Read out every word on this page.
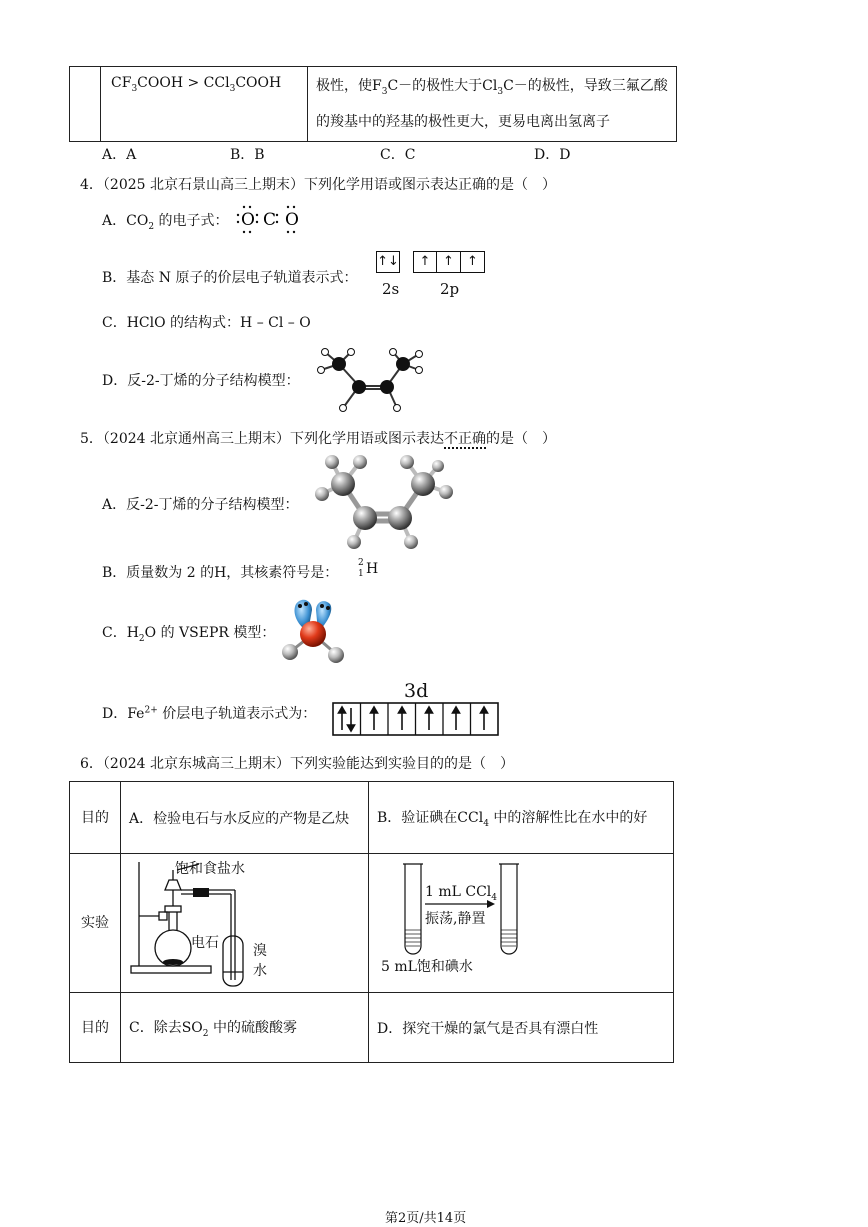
	$CF_3COOH$ > CCl$_3$COOH	极性，使$F_3C-$的极性大于$Cl_3C-$的极性，导致三氟乙酸
的羧基中的羟基的极性更大，更易电离出氢离子
A．A	B．B	C．C	D．D
4．（2025 北京石景山高三上期末）下列化学用语或图示表达正确的是（　）
A．$CO_2$ 的电子式： O C O
B．基态 N 原子的价层电子轨道表示式：
↑↓	↑ ↑	↑
2s	2p
C．HClO 的结构式：H – Cl – O
D．反-2-丁烯的分子结构模型：
5．（2024 北京通州高三上期末）下列化学用语或图示表达不正确的是（　）
A．反-2-丁烯的分子结构模型：
B．质量数为 2 的H，其核素符号是：
2
1 H
C．$H_2O$ 的 VSEPR 模型：
D．$Fe^{2+}$ 价层电子轨道表示式为：
3d
6．（2024 北京东城高三上期末）下列实验能达到实验目的的是（　）
目的	A．检验电石与水反应的产物是乙炔	B．验证碘在CCl$_4$ 中的溶解性比在水中的好
实验	饱和食盐水
电石 溴
水	1 mL CCl$_4$
振荡,静置
5 mL饱和碘水

目的	C．除去$SO_2$ 中的硫酸酸雾	D．探究干燥的氯气是否具有漂白性
第2页/共14页
